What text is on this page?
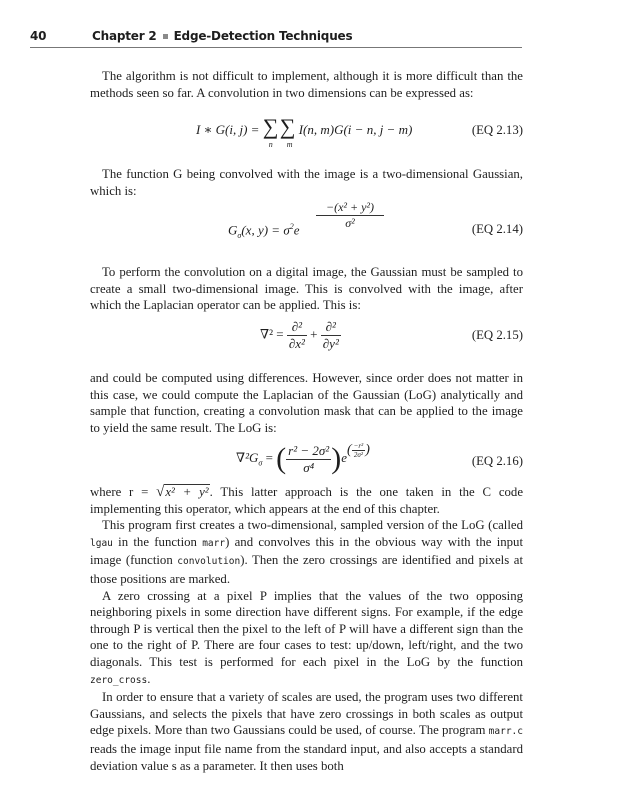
40	Chapter 2 Edge-Detection Techniques

The algorithm is not difficult to implement, although it is more difficult than the methods seen so far. A convolution in two dimensions can be expressed as:

I ∗ G(i, j) = ∑ ∑
n m
I(n, m)G(i − n, j − m)	(EQ 2.13)

The function G being convolved with the image is a two-dimensional Gaussian, which is:

$G_\sigma(x$, $y) = \sigma^2e$
−(x² + y²)
σ²	(EQ 2.14)

To perform the convolution on a digital image, the Gaussian must be sampled to create a small two-dimensional image. This is convolved with the image, after which the Laplacian operator can be applied. This is:

$\nabla^2 = \frac{\text{∂²}}{\text{∂x²}} + \frac{\text{∂²}}{\text{∂y²}}$	(EQ 2.15)

and could be computed using differences. However, since order does not matter in this case, we could compute the Laplacian of the Gaussian (LoG) analytically and sample that function, creating a convolution mask that can be applied to the image to yield the same result. The LoG is:

$\nabla^2G_\sigma$ = ( $\frac{\text{r² − 2σ²}}{\text{σ⁴}} )e( \frac{\text{−r²}}{\text{2σ²}}$ )
(EQ 2.16)

where r = √x² + y². This latter approach is the one taken in the C code implementing this operator, which appears at the end of this chapter.

This program first creates a two-dimensional, sampled version of the LoG (called lgau in the function marr) and convolves this in the obvious way with the input image (function convolution). Then the zero crossings are identified and pixels at those positions are marked.

A zero crossing at a pixel P implies that the values of the two opposing neighboring pixels in some direction have different signs. For example, if the edge through P is vertical then the pixel to the left of P will have a different sign than the one to the right of P. There are four cases to test: up/down, left/right, and the two diagonals. This test is performed for each pixel in the LoG by the function zero_cross.

In order to ensure that a variety of scales are used, the program uses two different Gaussians, and selects the pixels that have zero crossings in both scales as output edge pixels. More than two Gaussians could be used, of course. The program marr.c reads the image input file name from the standard input, and also accepts a standard deviation value s as a parameter. It then uses both
